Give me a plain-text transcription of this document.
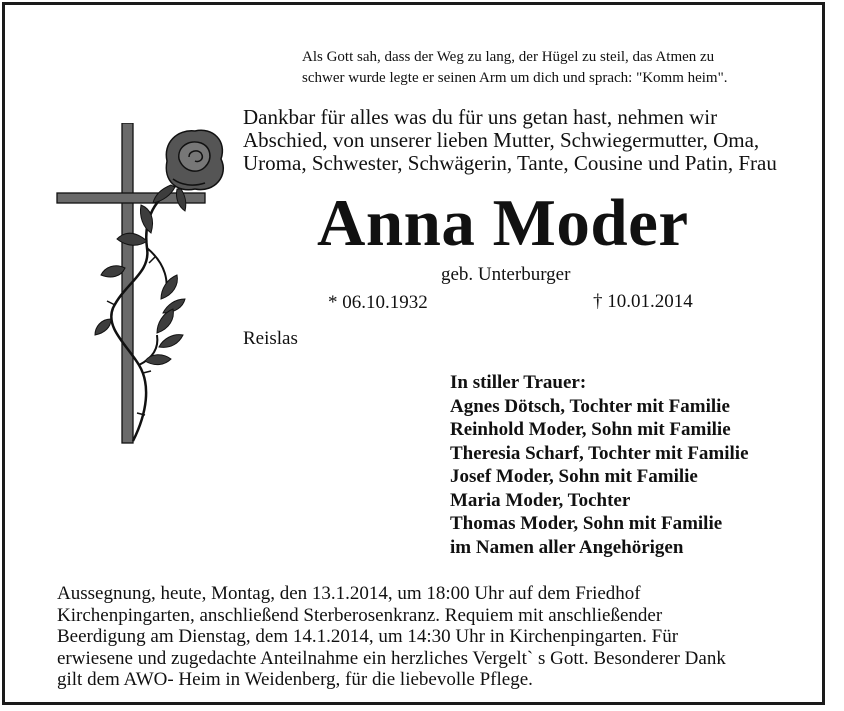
Als Gott sah, dass der Weg zu lang, der Hügel zu steil, das Atmen zu
schwer wurde legte er seinen Arm um dich und sprach: "Komm heim".
Dankbar für alles was du für uns getan hast, nehmen wir
Abschied, von unserer lieben Mutter, Schwiegermutter, Oma,
Uroma, Schwester, Schwägerin, Tante, Cousine und Patin, Frau
Anna Moder
geb. Unterburger
* 06.10.1932	† 10.01.2014
Reislas
In stiller Trauer:
Agnes Dötsch, Tochter mit Familie
Reinhold Moder, Sohn mit Familie
Theresia Scharf, Tochter mit Familie
Josef Moder, Sohn mit Familie
Maria Moder, Tochter
Thomas Moder, Sohn mit Familie
im Namen aller Angehörigen
Aussegnung, heute, Montag, den 13.1.2014, um 18:00 Uhr auf dem Friedhof
Kirchenpingarten, anschließend Sterberosenkranz. Requiem mit anschließender
Beerdigung am Dienstag, dem 14.1.2014, um 14:30 Uhr in Kirchenpingarten. Für
erwiesene und zugedachte Anteilnahme ein herzliches Vergelt` s Gott. Besonderer Dank
gilt dem AWO- Heim in Weidenberg, für die liebevolle Pflege.
